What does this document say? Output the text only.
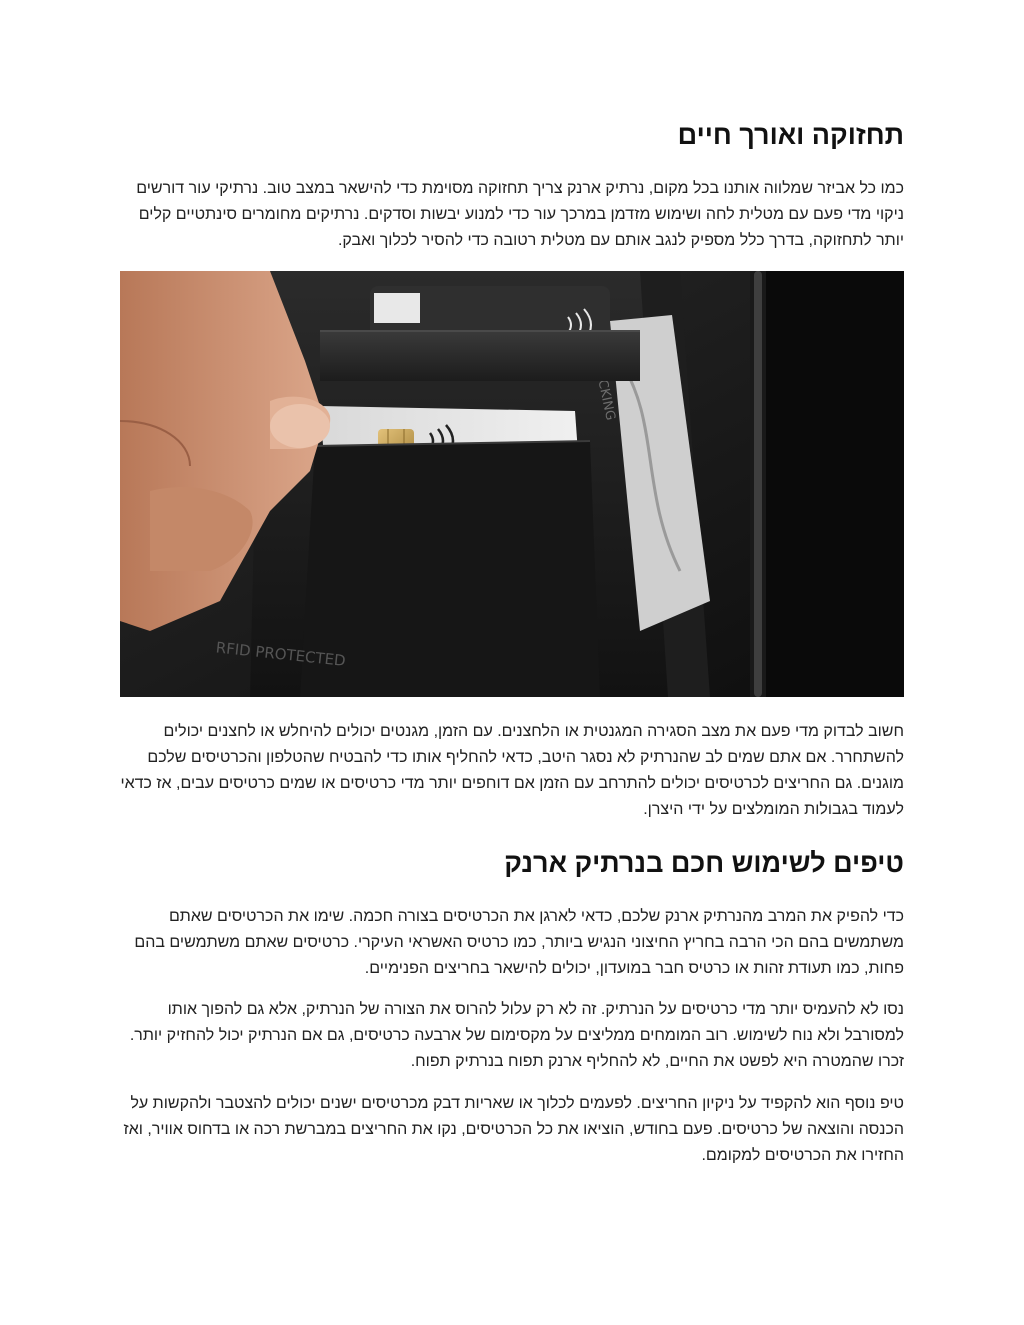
תחזוקה ואורך חיים

כמו כל אביזר שמלווה אותנו בכל מקום, נרתיק ארנק צריך תחזוקה מסוימת כדי להישאר במצב טוב. נרתיקי עור דורשים ניקוי מדי פעם עם מטלית לחה ושימוש מזדמן במרכך עור כדי למנוע יבשות וסדקים. נרתיקים מחומרים סינתטיים קלים יותר לתחזוקה, בדרך כלל מספיק לנגב אותם עם מטלית רטובה כדי להסיר לכלוך ואבק.

RFID PROTECTED

חשוב לבדוק מדי פעם את מצב הסגירה המגנטית או הלחצנים. עם הזמן, מגנטים יכולים להיחלש או לחצנים יכולים להשתחרר. אם אתם שמים לב שהנרתיק לא נסגר היטב, כדאי להחליף אותו כדי להבטיח שהטלפון והכרטיסים שלכם מוגנים. גם החריצים לכרטיסים יכולים להתרחב עם הזמן אם דוחפים יותר מדי כרטיסים או שמים כרטיסים עבים, אז כדאי לעמוד בגבולות המומלצים על ידי היצרן.

טיפים לשימוש חכם בנרתיק ארנק

כדי להפיק את המרב מהנרתיק ארנק שלכם, כדאי לארגן את הכרטיסים בצורה חכמה. שימו את הכרטיסים שאתם משתמשים בהם הכי הרבה בחריץ החיצוני הנגיש ביותר, כמו כרטיס האשראי העיקרי. כרטיסים שאתם משתמשים בהם פחות, כמו תעודת זהות או כרטיס חבר במועדון, יכולים להישאר בחריצים הפנימיים.

נסו לא להעמיס יותר מדי כרטיסים על הנרתיק. זה לא רק עלול להרוס את הצורה של הנרתיק, אלא גם להפוך אותו למסורבל ולא נוח לשימוש. רוב המומחים ממליצים על מקסימום של ארבעה כרטיסים, גם אם הנרתיק יכול להחזיק יותר. זכרו שהמטרה היא לפשט את החיים, לא להחליף ארנק תפוח בנרתיק תפוח.

טיפ נוסף הוא להקפיד על ניקיון החריצים. לפעמים לכלוך או שאריות דבק מכרטיסים ישנים יכולים להצטבר ולהקשות על הכנסה והוצאה של כרטיסים. פעם בחודש, הוציאו את כל הכרטיסים, נקו את החריצים במברשת רכה או בדחוס אוויר, ואז החזירו את הכרטיסים למקומם.
